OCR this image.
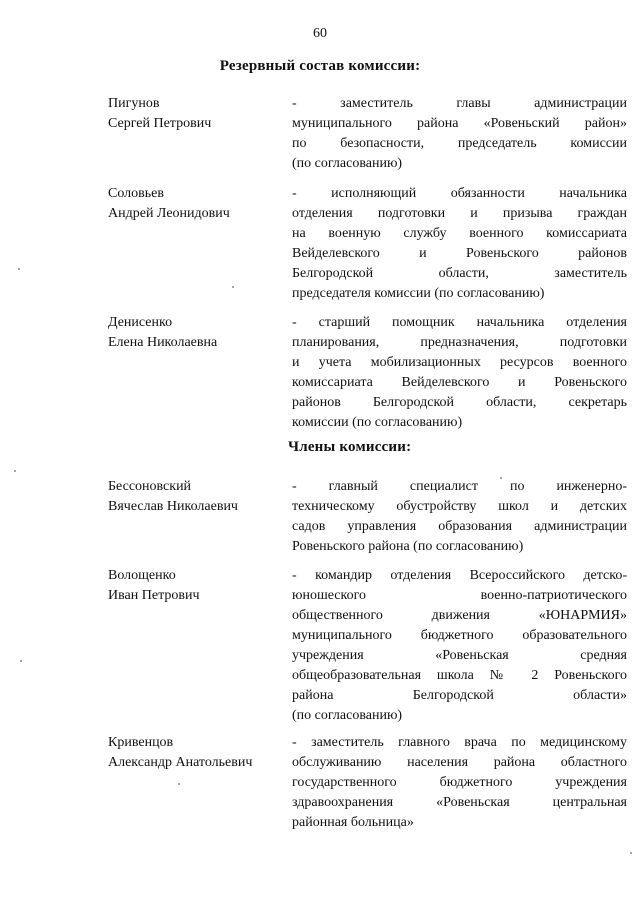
60
Резервный состав комиссии:
Пигунов
Сергей Петрович
- заместитель главы администрации
муниципального района «Ровеньский район»
по безопасности, председатель комиссии
(по согласованию)
Соловьев
Андрей Леонидович
- исполняющий обязанности начальника
отделения подготовки и призыва граждан
на военную службу военного комиссариата
Вейделевского и Ровеньского районов
Белгородской области, заместитель
председателя комиссии (по согласованию)
Денисенко
Елена Николаевна
- старший помощник начальника отделения
планирования, предназначения, подготовки
и учета мобилизационных ресурсов военного
комиссариата Вейделевского и Ровеньского
районов Белгородской области, секретарь
комиссии (по согласованию)
Члены комиссии:
Бессоновский
Вячеслав Николаевич
- главный специалист по инженерно-
техническому обустройству школ и детских
садов управления образования администрации
Ровеньского района (по согласованию)
Волощенко
Иван Петрович
- командир отделения Всероссийского детско-
юношеского военно-патриотического
общественного движения «ЮНАРМИЯ»
муниципального бюджетного образовательного
учреждения «Ровеньская средняя
общеобразовательная школа № 2 Ровеньского
района Белгородской области»
(по согласованию)
Кривенцов
Александр Анатольевич
- заместитель главного врача по медицинскому
обслуживанию населения района областного
государственного бюджетного учреждения
здравоохранения «Ровеньская центральная
районная больница»
